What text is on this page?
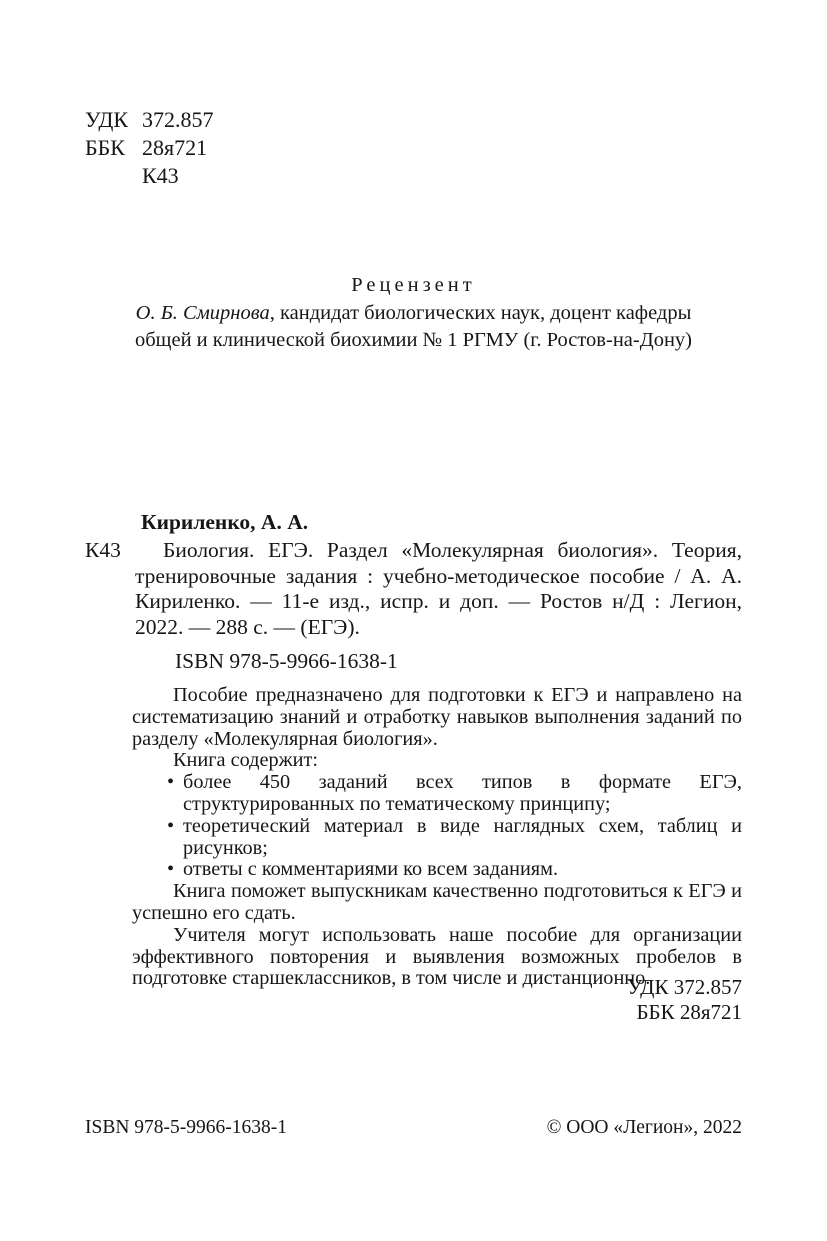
УДК 372.857
ББК 28я721
К43
Рецензент
О. Б. Смирнова, кандидат биологических наук, доцент кафедры
общей и клинической биохимии № 1 РГМУ (г. Ростов-на-Дону)
Кириленко, А. А.
К43	Биология. ЕГЭ. Раздел «Молекулярная биология». Теория, тренировочные задания : учебно-методическое пособие / А. А. Кириленко. — 11-е изд., испр. и доп. — Ростов н/Д : Легион, 2022. — 288 с. — (ЕГЭ).
ISBN 978-5-9966-1638-1

Пособие предназначено для подготовки к ЕГЭ и направлено на систематизацию знаний и отработку навыков выполнения заданий по разделу «Молекулярная биология».

Книга содержит:

• более 450 заданий всех типов в формате ЕГЭ, структурированных по тематическому принципу;
• теоретический материал в виде наглядных схем, таблиц и рисунков;
• ответы с комментариями ко всем заданиям.

Книга поможет выпускникам качественно подготовиться к ЕГЭ и успешно его сдать.

Учителя могут использовать наше пособие для организации эффективного повторения и выявления возможных пробелов в подготовке старшеклассников, в том числе и дистанционно.

УДК 372.857
ББК 28я721
ISBN 978-5-9966-1638-1	© ООО «Легион», 2022
